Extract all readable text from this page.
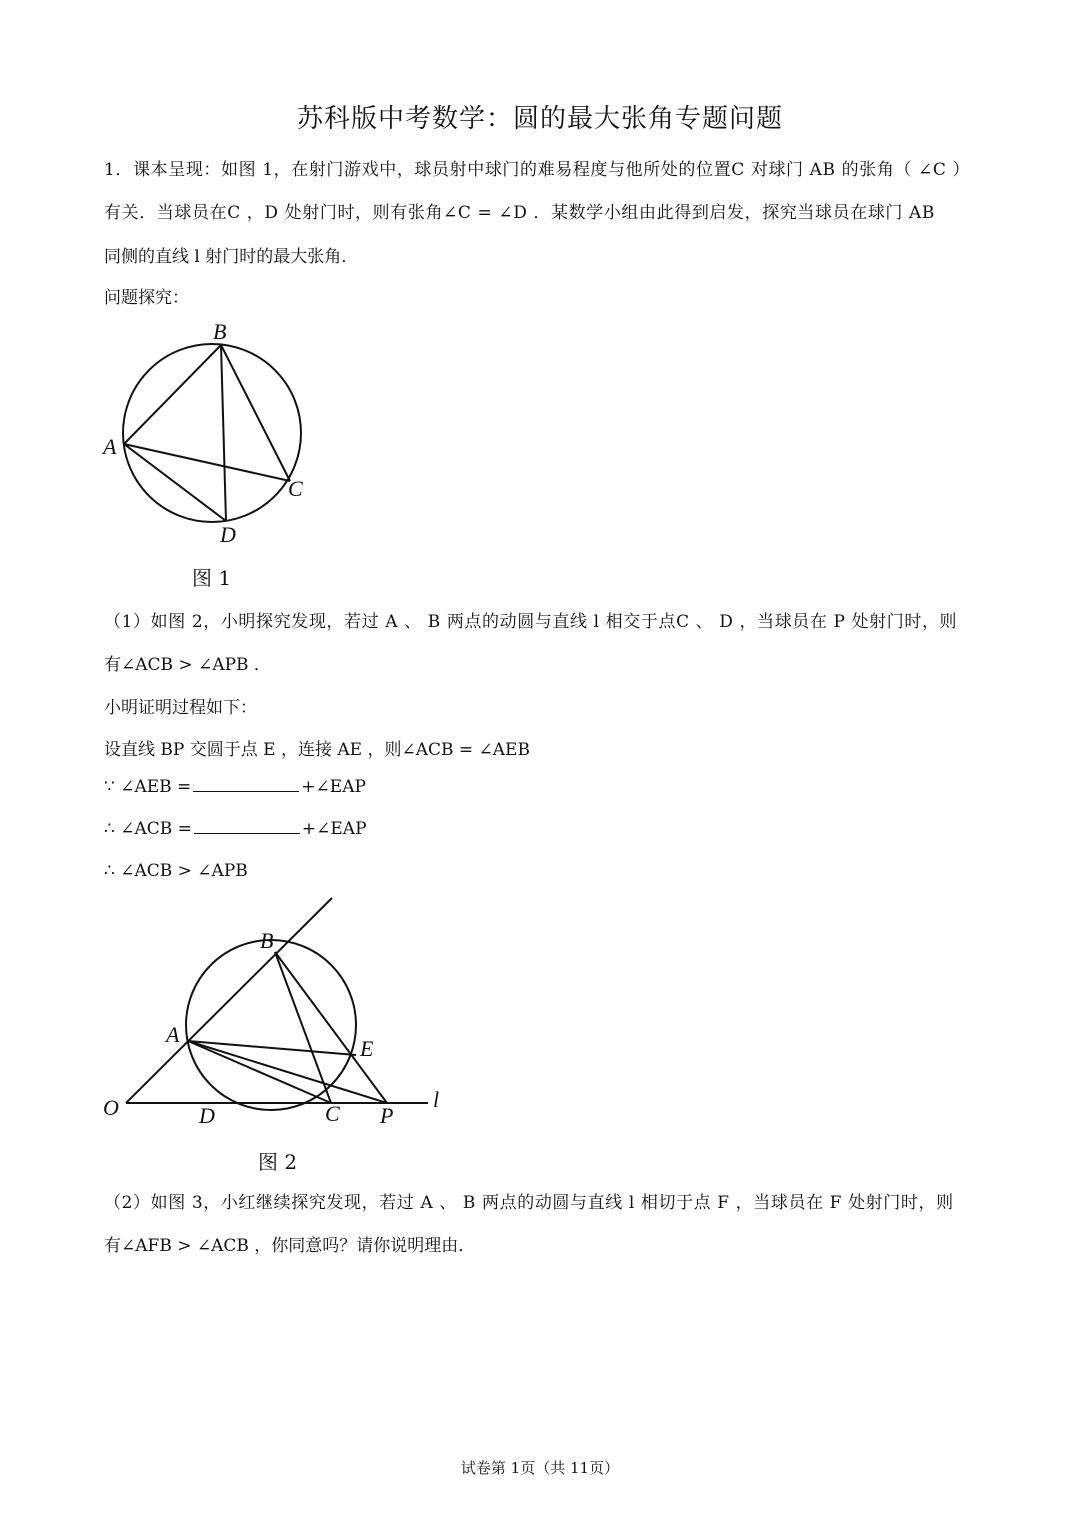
苏科版中考数学：圆的最大张角专题问题
1．课本呈现：如图 1，在射门游戏中，球员射中球门的难易程度与他所处的位置C 对球门 AB 的张角（ ∠C ）
有关．当球员在C ，D 处射门时，则有张角∠C = ∠D ．某数学小组由此得到启发，探究当球员在球门 AB
同侧的直线 l 射门时的最大张角．
问题探究：
B
A
C
D
图 1
（1）如图 2，小明探究发现，若过 A 、 B 两点的动圆与直线 l 相交于点C 、 D ，当球员在 P 处射门时，则
有∠ACB > ∠APB ．
小明证明过程如下：
设直线 BP 交圆于点 E ，连接 AE ，则∠ACB = ∠AEB
∵ ∠AEB =	+∠EAP
∴ ∠ACB =	+∠EAP
∴ ∠ACB > ∠APB
B
A
E
O	D	C P
l
图 2
（2）如图 3，小红继续探究发现，若过 A 、 B 两点的动圆与直线 l 相切于点 F ，当球员在 F 处射门时，则
有∠AFB > ∠ACB ，你同意吗？请你说明理由．
试卷第 1页（共 11页）
